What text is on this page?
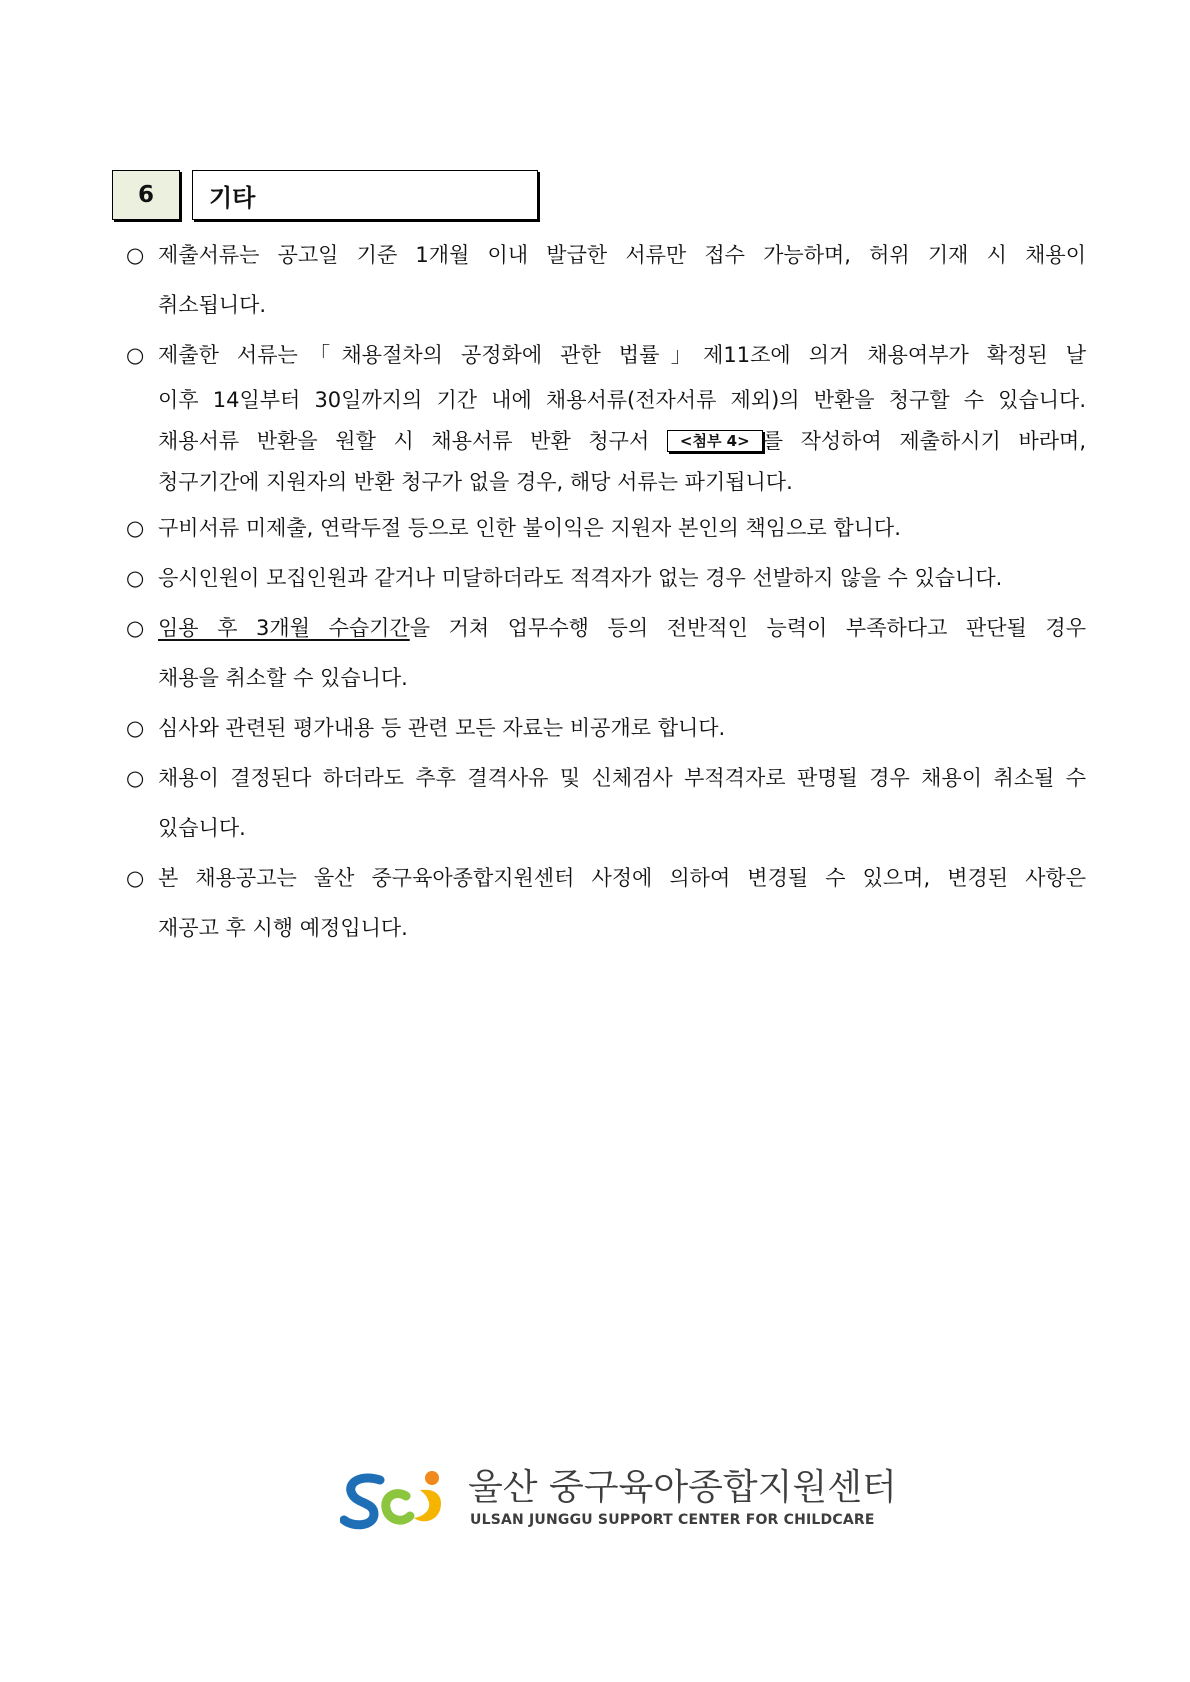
6	기타
○ 제출서류는 공고일 기준 1개월 이내 발급한 서류만 접수 가능하며, 허위 기재 시 채용이
취소됩니다.
○ 제출한 서류는「채용절차의 공정화에 관한 법률」제11조에 의거 채용여부가 확정된 날
이후 14일부터 30일까지의 기간 내에 채용서류(전자서류 제외)의 반환을 청구할 수 있습니다.
채용서류 반환을 원할 시 채용서류 반환 청구서 <첨부 4> 를 작성하여 제출하시기 바라며,
청구기간에 지원자의 반환 청구가 없을 경우, 해당 서류는 파기됩니다.
○ 구비서류 미제출, 연락두절 등으로 인한 불이익은 지원자 본인의 책임으로 합니다.
○ 응시인원이 모집인원과 같거나 미달하더라도 적격자가 없는 경우 선발하지 않을 수 있습니다.
○ 임용 후 3개월 수습기간을 거쳐 업무수행 등의 전반적인 능력이 부족하다고 판단될 경우
채용을 취소할 수 있습니다.
○ 심사와 관련된 평가내용 등 관련 모든 자료는 비공개로 합니다.
○ 채용이 결정된다 하더라도 추후 결격사유 및 신체검사 부적격자로 판명될 경우 채용이 취소될 수
있습니다.
○ 본 채용공고는 울산 중구육아종합지원센터 사정에 의하여 변경될 수 있으며, 변경된 사항은
재공고 후 시행 예정입니다.
울산 중구육아종합지원센터
ULSAN JUNGGU SUPPORT CENTER FOR CHILDCARE
